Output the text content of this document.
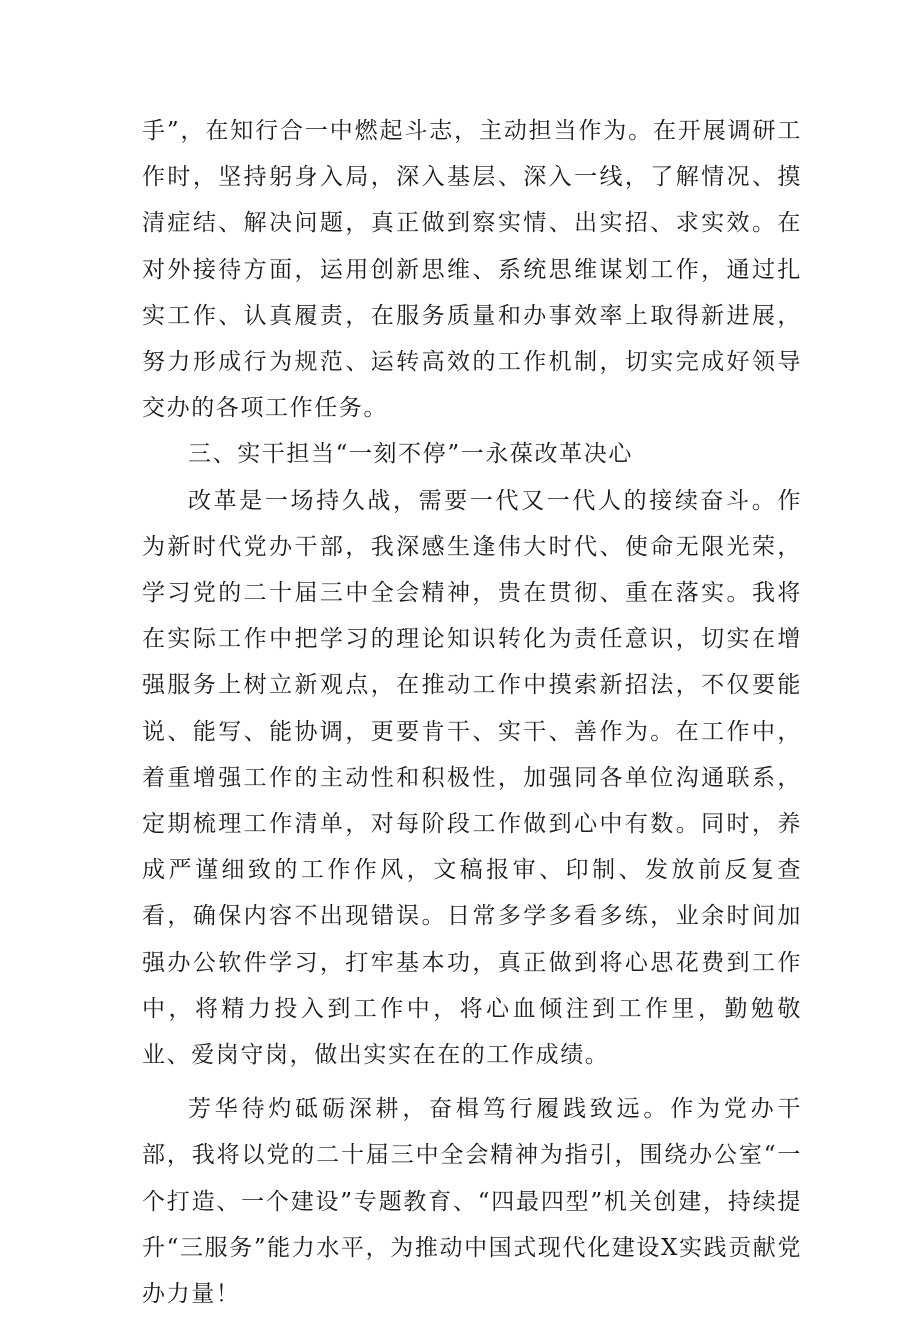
手”，在知行合一中燃起斗志，主动担当作为。在开展调研工作时，坚持躬身入局，深入基层、深入一线，了解情况、摸清症结、解决问题，真正做到察实情、出实招、求实效。在对外接待方面，运用创新思维、系统思维谋划工作，通过扎实工作、认真履责，在服务质量和办事效率上取得新进展，努力形成行为规范、运转高效的工作机制，切实完成好领导交办的各项工作任务。

三、实干担当“一刻不停”一永葆改革决心

改革是一场持久战，需要一代又一代人的接续奋斗。作为新时代党办干部，我深感生逢伟大时代、使命无限光荣，学习党的二十届三中全会精神，贵在贯彻、重在落实。我将在实际工作中把学习的理论知识转化为责任意识，切实在增强服务上树立新观点，在推动工作中摸索新招法，不仅要能说、能写、能协调，更要肯干、实干、善作为。在工作中，着重增强工作的主动性和积极性，加强同各单位沟通联系，定期梳理工作清单，对每阶段工作做到心中有数。同时，养成严谨细致的工作作风，文稿报审、印制、发放前反复查看，确保内容不出现错误。日常多学多看多练，业余时间加强办公软件学习，打牢基本功，真正做到将心思花费到工作中，将精力投入到工作中，将心血倾注到工作里，勤勉敬业、爱岗守岗，做出实实在在的工作成绩。

芳华待灼砥砺深耕，奋楫笃行履践致远。作为党办干部，我将以党的二十届三中全会精神为指引，围绕办公室“一个打造、一个建设”专题教育、“四最四型”机关创建，持续提升“三服务”能力水平，为推动中国式现代化建设X实践贡献党办力量！
